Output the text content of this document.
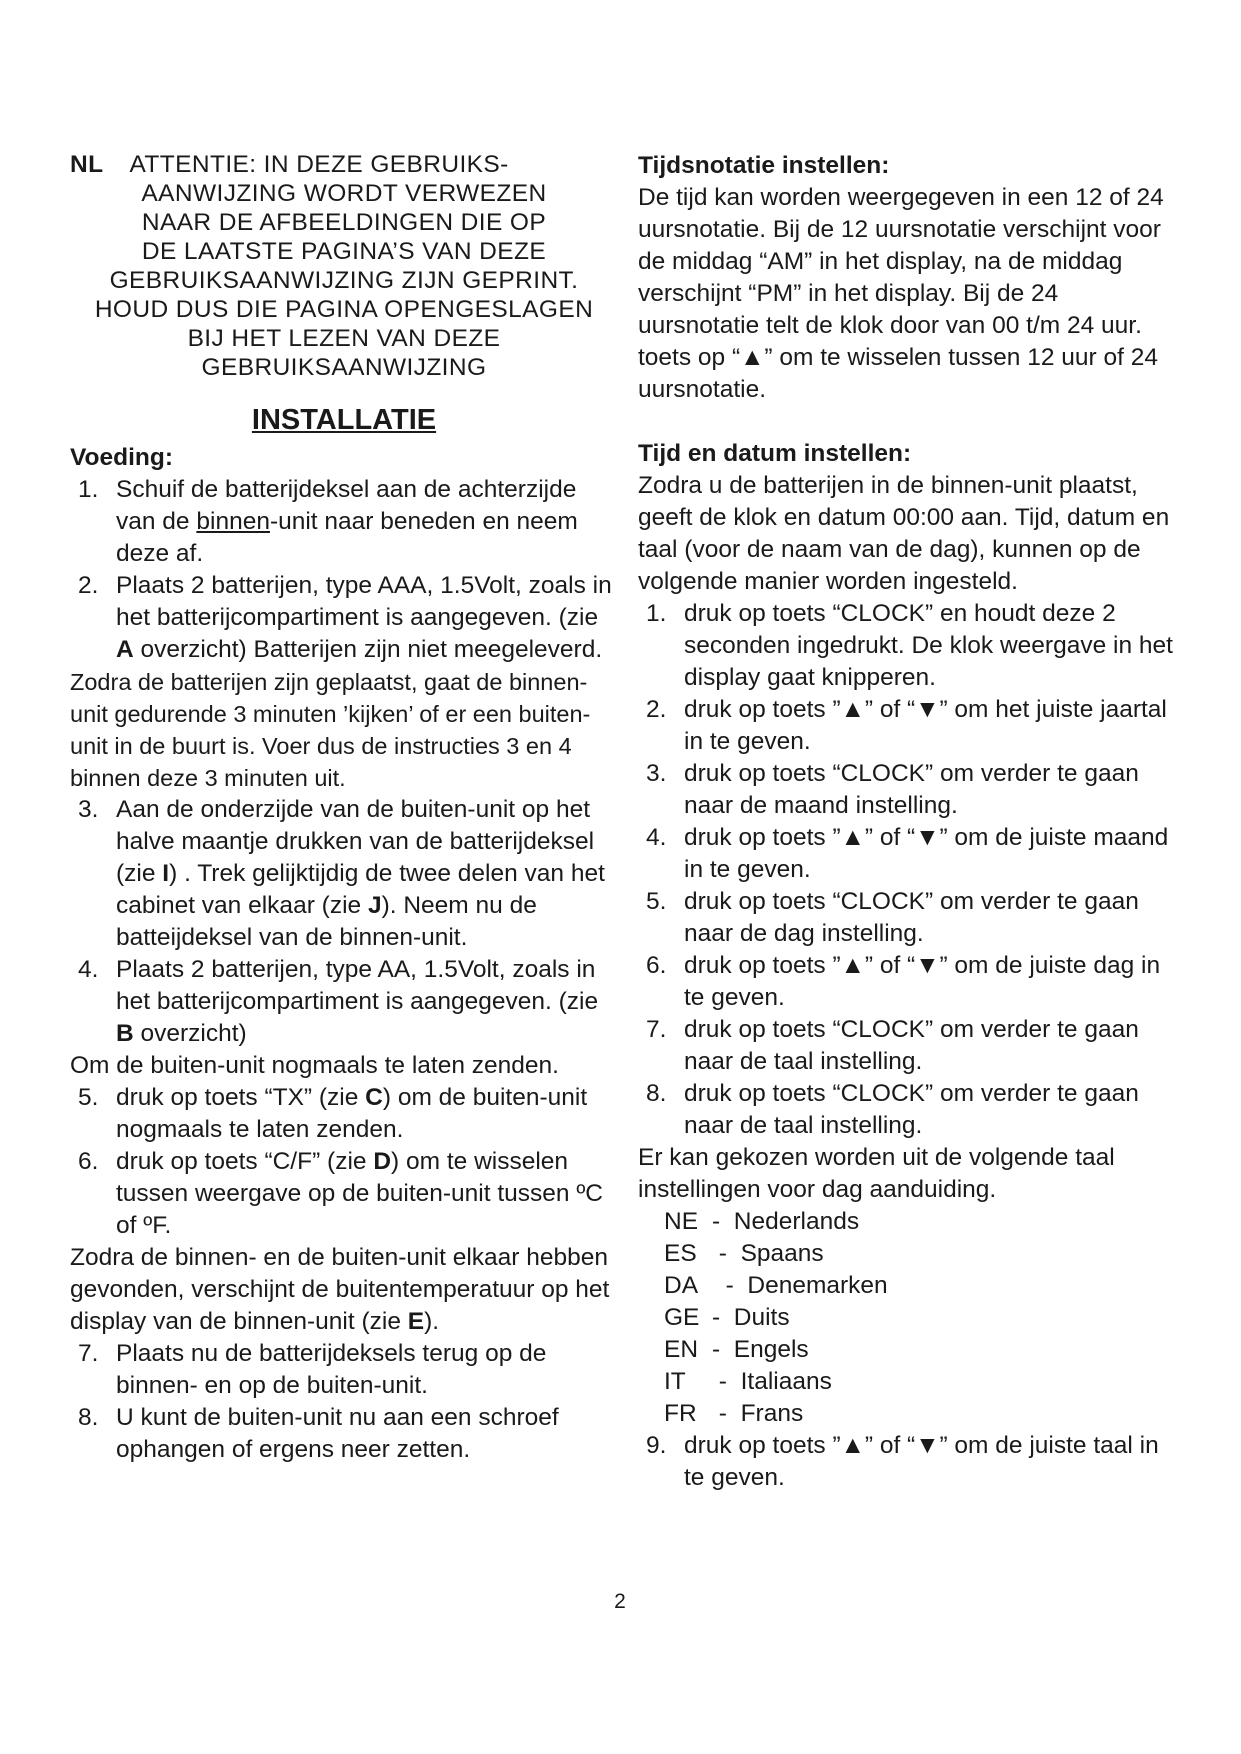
NL ATTENTIE: IN DEZE GEBRUIKS-

AANWIJZING WORDT VERWEZEN

NAAR DE AFBEELDINGEN DIE OP

DE LAATSTE PAGINA’S VAN DEZE

GEBRUIKSAANWIJZING ZIJN GEPRINT.

HOUD DUS DIE PAGINA OPENGESLAGEN

BIJ HET LEZEN VAN DEZE

GEBRUIKSAANWIJZING

INSTALLATIE

Voeding:

1. Schuif de batterijdeksel aan de achterzijde van de binnen-unit naar beneden en neem deze af.
2. Plaats 2 batterijen, type AAA, 1.5Volt, zoals in het batterijcompartiment is aangegeven. (zie A overzicht) Batterijen zijn niet meegeleverd.

Zodra de batterijen zijn geplaatst, gaat de binnen-unit gedurende 3 minuten ’kijken’ of er een buiten-unit in de buurt is. Voer dus de instructies 3 en 4 binnen deze 3 minuten uit.

3. Aan de onderzijde van de buiten-unit op het halve maantje drukken van de batterijdeksel (zie I) . Trek gelijktijdig de twee delen van het cabinet van elkaar (zie J). Neem nu de batteijdeksel van de binnen-unit.
4. Plaats 2 batterijen, type AA, 1.5Volt, zoals in het batterijcompartiment is aangegeven. (zie B overzicht)

Om de buiten-unit nogmaals te laten zenden.

5. druk op toets “TX” (zie C) om de buiten-unit nogmaals te laten zenden.
6. druk op toets “C/F” (zie D) om te wisselen tussen weergave op de buiten-unit tussen ºC of ºF.

Zodra de binnen- en de buiten-unit elkaar hebben gevonden, verschijnt de buitentemperatuur op het display van de binnen-unit (zie E).

7. Plaats nu de batterijdeksels terug op de binnen- en op de buiten-unit.
8. U kunt de buiten-unit nu aan een schroef ophangen of ergens neer zetten.

Tijdsnotatie instellen:

De tijd kan worden weergegeven in een 12 of 24 uursnotatie. Bij de 12 uursnotatie verschijnt voor de middag “AM” in het display, na de middag verschijnt “PM” in het display. Bij de 24 uursnotatie telt de klok door van 00 t/m 24 uur.

toets op “▲” om te wisselen tussen 12 uur of 24 uursnotatie.

Tijd en datum instellen:

Zodra u de batterijen in de binnen-unit plaatst, geeft de klok en datum 00:00 aan. Tijd, datum en taal (voor de naam van de dag), kunnen op de volgende manier worden ingesteld.

1. druk op toets “CLOCK” en houdt deze 2 seconden ingedrukt. De klok weergave in het display gaat knipperen.
2. druk op toets ”▲” of “▼” om het juiste jaartal in te geven.
3. druk op toets “CLOCK” om verder te gaan naar de maand instelling.
4. druk op toets ”▲” of “▼” om de juiste maand in te geven.
5. druk op toets “CLOCK” om verder te gaan naar de dag instelling.
6. druk op toets ”▲” of “▼” om de juiste dag in te geven.
7. druk op toets “CLOCK” om verder te gaan naar de taal instelling.
8. druk op toets “CLOCK” om verder te gaan naar de taal instelling.

Er kan gekozen worden uit de volgende taal instellingen voor dag aanduiding.

NE -  Nederlands

ES -  Spaans

DA  -  Denemarken

GE -  Duits

EN -  Engels

IT -  Italiaans

FR -  Frans

9. druk op toets ”▲” of “▼” om de juiste taal in te geven.
2
